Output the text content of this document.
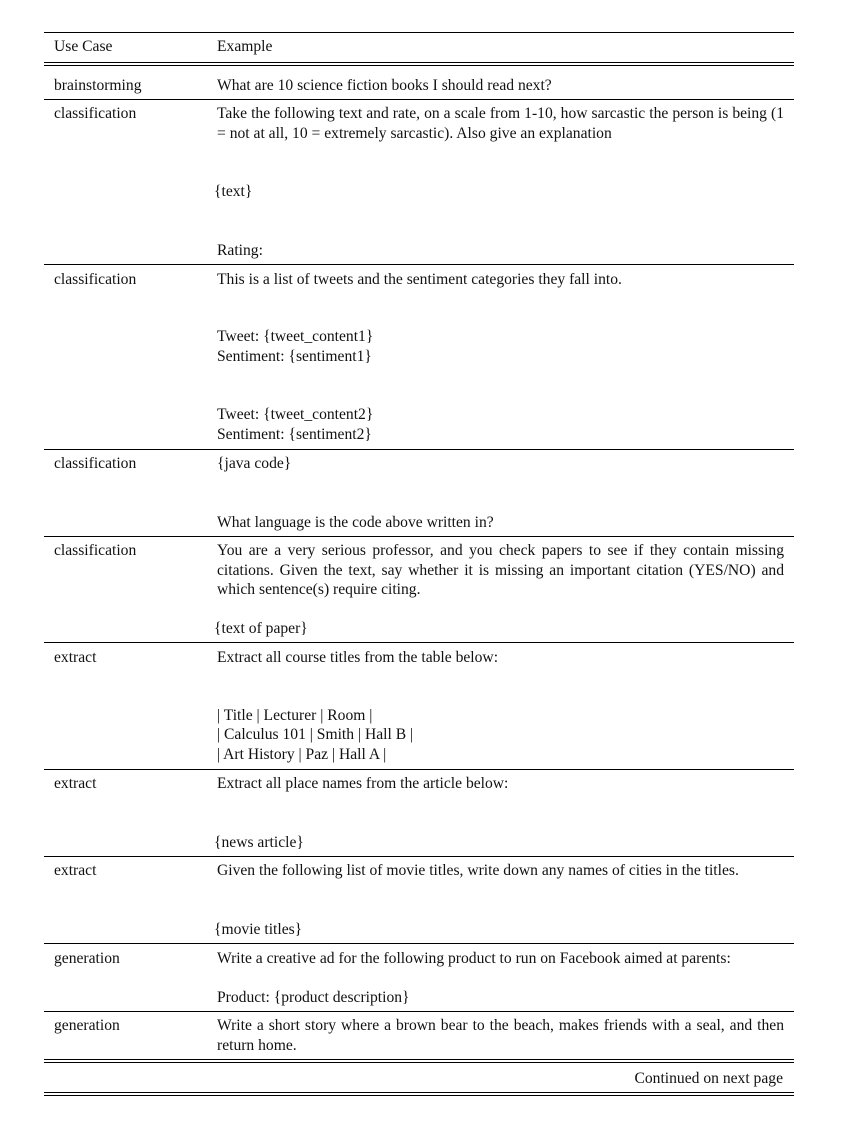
Use Case	Example
brainstorming	What are 10 science fiction books I should read next?
classification	Take the following text and rate, on a scale from 1-10, how sarcastic the person is being (1 = not at all, 10 = extremely sarcastic). Also give an explanation
{text}
Rating:
classification	This is a list of tweets and the sentiment categories they fall into.
Tweet: {tweet_content1}
Sentiment: {sentiment1}
Tweet: {tweet_content2}
Sentiment: {sentiment2}
classification	{java code}
What language is the code above written in?
classification	You are a very serious professor, and you check papers to see if they contain missing citations. Given the text, say whether it is missing an important citation (YES/NO) and which sentence(s) require citing.
{text of paper}
extract	Extract all course titles from the table below:
| Title | Lecturer | Room |
| Calculus 101 | Smith | Hall B |
| Art History | Paz | Hall A |
extract	Extract all place names from the article below:
{news article}
extract	Given the following list of movie titles, write down any names of cities in the titles.
{movie titles}
generation	Write a creative ad for the following product to run on Facebook aimed at parents:
Product: {product description}
generation	Write a short story where a brown bear to the beach, makes friends with a seal, and then return home.
Continued on next page
